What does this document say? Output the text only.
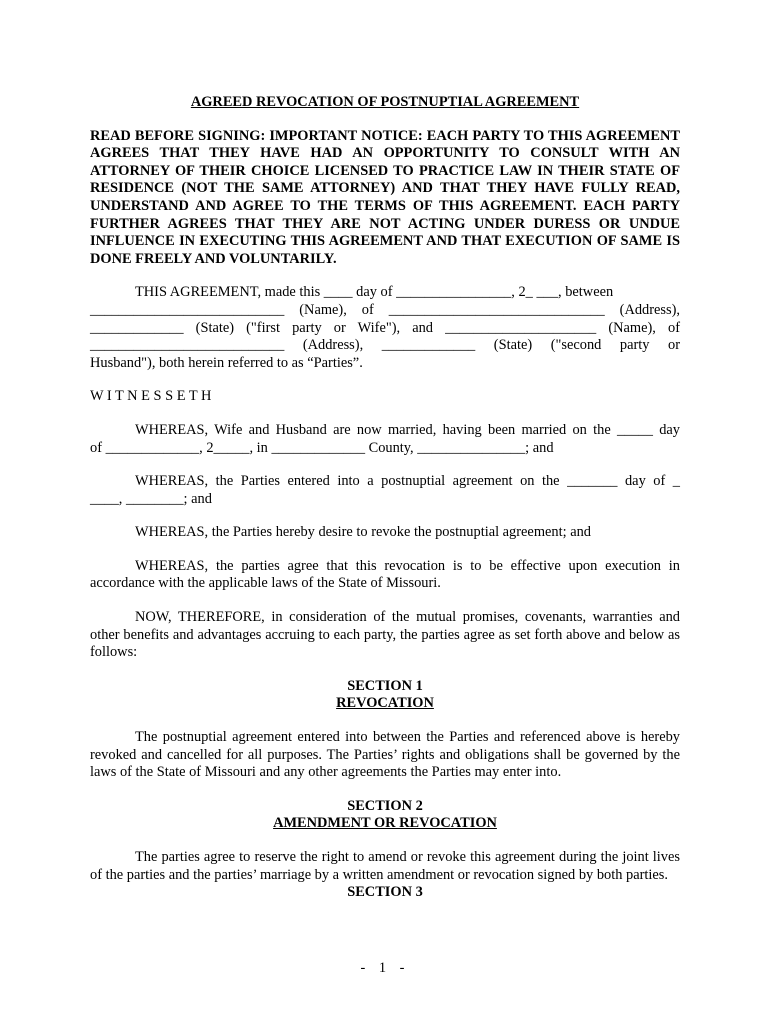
AGREED REVOCATION OF POSTNUPTIAL AGREEMENT

READ BEFORE SIGNING: IMPORTANT NOTICE: EACH PARTY TO THIS AGREEMENT AGREES THAT THEY HAVE HAD AN OPPORTUNITY TO CONSULT WITH AN ATTORNEY OF THEIR CHOICE LICENSED TO PRACTICE LAW IN THEIR STATE OF RESIDENCE (NOT THE SAME ATTORNEY) AND THAT THEY HAVE FULLY READ, UNDERSTAND AND AGREE TO THE TERMS OF THIS AGREEMENT. EACH PARTY FURTHER AGREES THAT THEY ARE NOT ACTING UNDER DURESS OR UNDUE INFLUENCE IN EXECUTING THIS AGREEMENT AND THAT EXECUTION OF SAME IS DONE FREELY AND VOLUNTARILY.

THIS AGREEMENT, made this ____ day of ________________, 2_ ___, between
___________________________ (Name), of ______________________________ (Address),
_____________ (State) ("first party or Wife"), and _____________________ (Name), of
___________________________ (Address), _____________ (State) ("second party or
Husband"), both herein referred to as “Parties”.

W I T N E S S E T H

WHEREAS, Wife and Husband are now married, having been married on the _____ day
of _____________, 2_____, in _____________ County, _______________; and
WHEREAS, the Parties entered into a postnuptial agreement on the _______ day of _
____, ________; and

WHEREAS, the Parties hereby desire to revoke the postnuptial agreement; and

WHEREAS, the parties agree that this revocation is to be effective upon execution in accordance with the applicable laws of the State of Missouri.

NOW, THEREFORE, in consideration of the mutual promises, covenants, warranties and other benefits and advantages accruing to each party, the parties agree as set forth above and below as follows:

SECTION 1

REVOCATION

The postnuptial agreement entered into between the Parties and referenced above is hereby revoked and cancelled for all purposes. The Parties’ rights and obligations shall be governed by the laws of the State of Missouri and any other agreements the Parties may enter into.

SECTION 2

AMENDMENT OR REVOCATION

The parties agree to reserve the right to amend or revoke this agreement during the joint lives of the parties and the parties’ marriage by a written amendment or revocation signed by both parties.

SECTION 3

- 1 -
